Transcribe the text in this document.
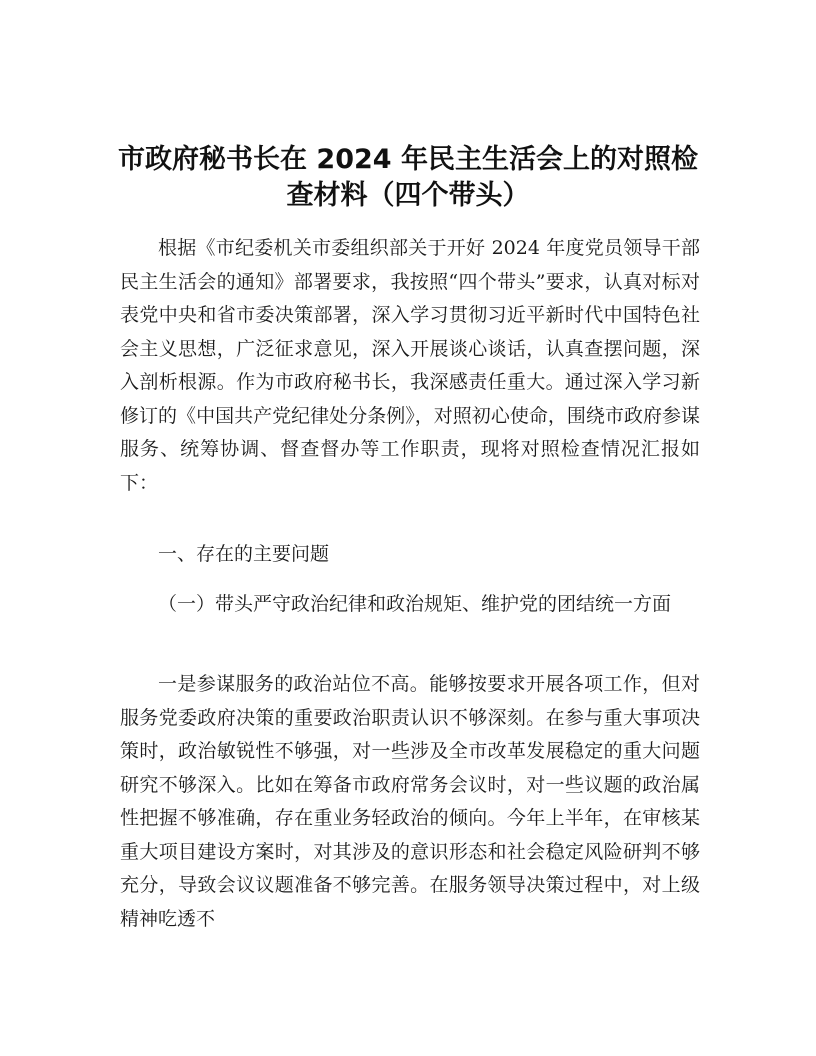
市政府秘书长在 2024 年民主生活会上的对照检
查材料（四个带头）

根据《市纪委机关市委组织部关于开好 2024 年度党员领导干部民主生活会的通知》部署要求，我按照“四个带头”要求，认真对标对表党中央和省市委决策部署，深入学习贯彻习近平新时代中国特色社会主义思想，广泛征求意见，深入开展谈心谈话，认真查摆问题，深入剖析根源。作为市政府秘书长，我深感责任重大。通过深入学习新修订的《中国共产党纪律处分条例》，对照初心使命，围绕市政府参谋服务、统筹协调、督查督办等工作职责，现将对照检查情况汇报如下：

一、存在的主要问题

（一）带头严守政治纪律和政治规矩、维护党的团结统一方面

一是参谋服务的政治站位不高。能够按要求开展各项工作，但对服务党委政府决策的重要政治职责认识不够深刻。在参与重大事项决策时，政治敏锐性不够强，对一些涉及全市改革发展稳定的重大问题研究不够深入。比如在筹备市政府常务会议时，对一些议题的政治属性把握不够准确，存在重业务轻政治的倾向。今年上半年，在审核某重大项目建设方案时，对其涉及的意识形态和社会稳定风险研判不够充分，导致会议议题准备不够完善。在服务领导决策过程中，对上级精神吃透不
